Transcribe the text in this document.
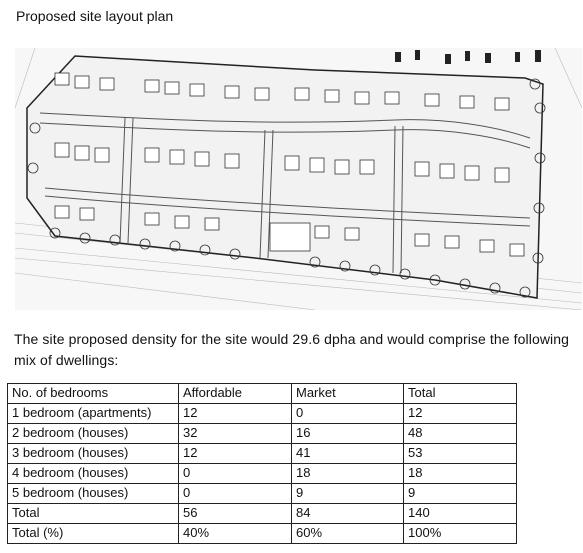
Proposed site layout plan
The site proposed density for the site would 29.6 dpha and would comprise the following mix of dwellings:
No. of bedrooms	Affordable	Market	Total
1 bedroom (apartments)	12	0	12
2 bedroom (houses)	32	16	48
3 bedroom (houses)	12	41	53
4 bedroom (houses)	0	18	18
5 bedroom (houses)	0	9	9
Total	56	84	140
Total (%)	40%	60%	100%
